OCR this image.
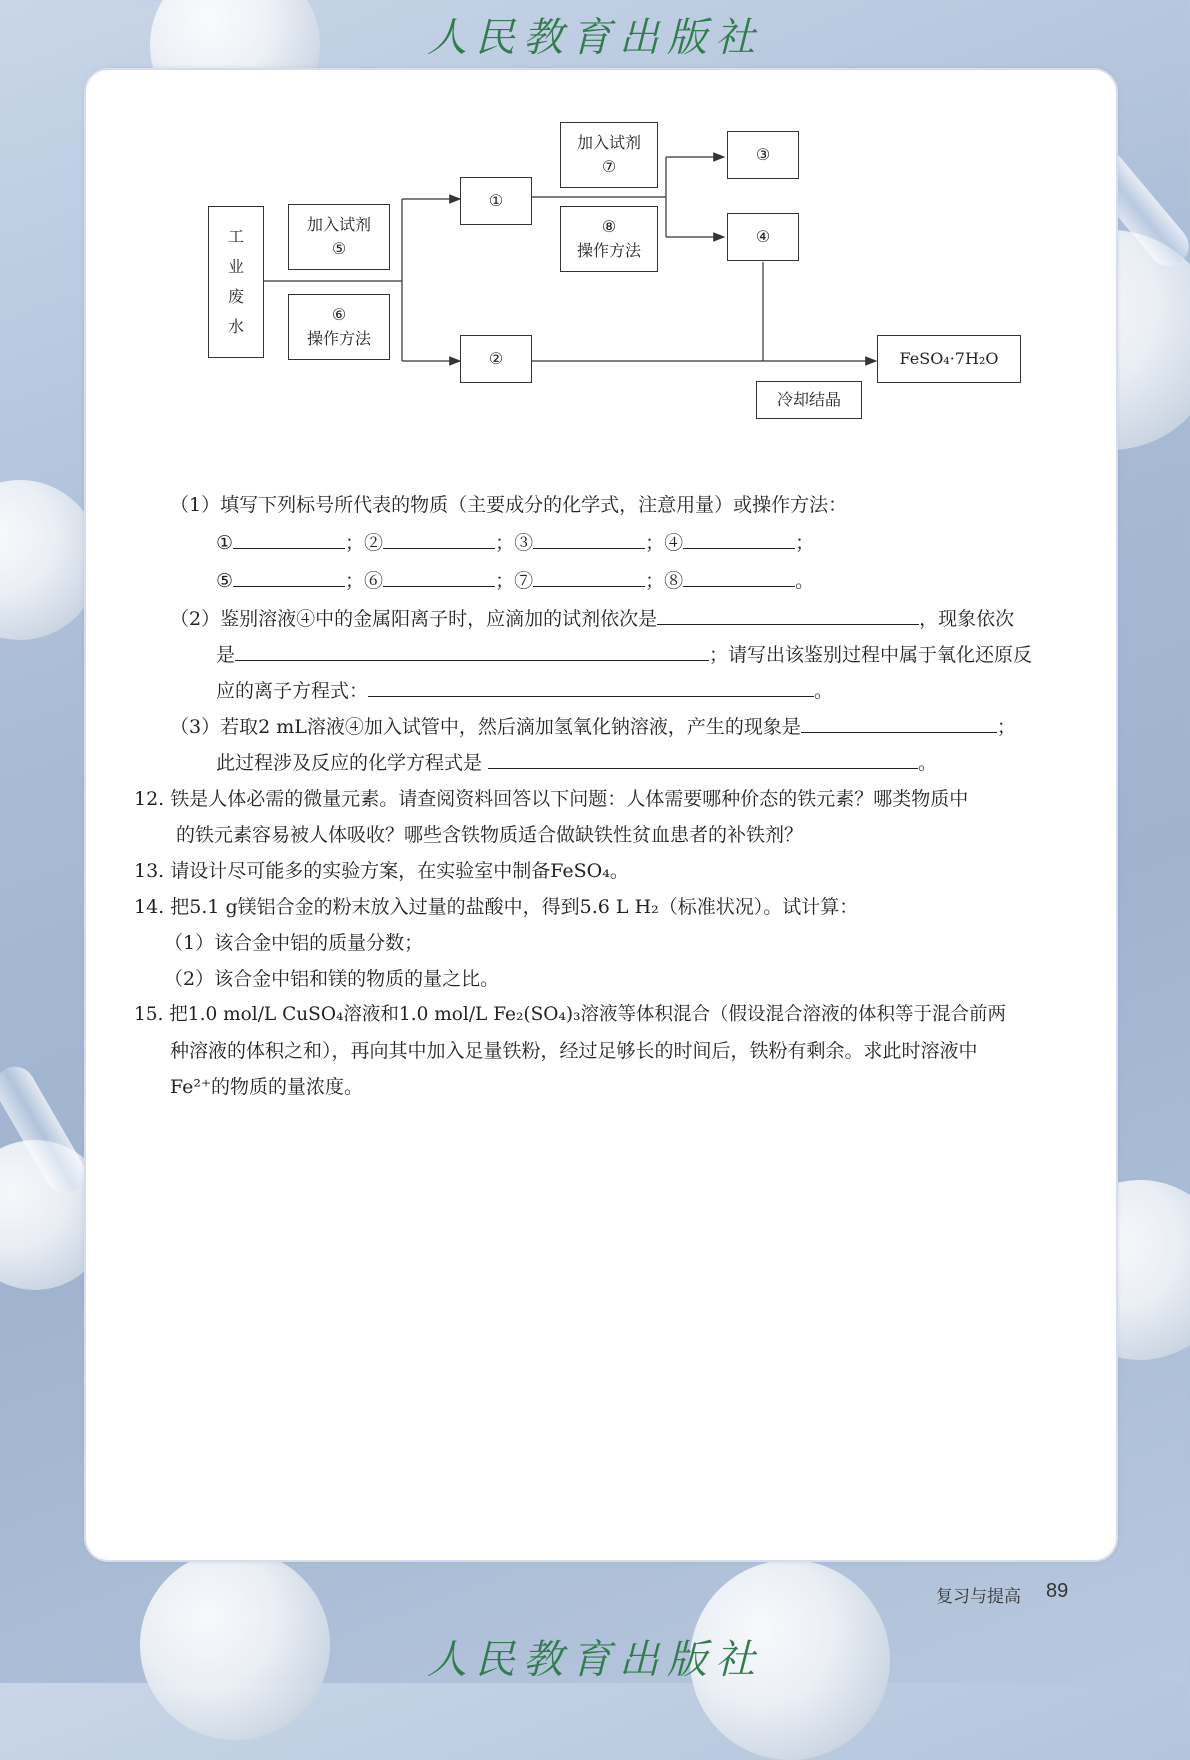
人民教育出版社
工
业
废
水
加入试剂
⑤
⑥
操作方法
①
②
加入试剂
⑦
⑧
操作方法
③
④
FeSO₄·7H₂O
冷却结晶
（1）填写下列标号所代表的物质（主要成分的化学式，注意用量）或操作方法：
①	；②	；③	；④	；
⑤	；⑥	；⑦	；⑧	。
（2）鉴别溶液④中的金属阳离子时，应滴加的试剂依次是	，现象依次
是	；请写出该鉴别过程中属于氧化还原反
应的离子方程式：	。
（3）若取2 mL溶液④加入试管中，然后滴加氢氧化钠溶液，产生的现象是	；
此过程涉及反应的化学方程式是	。
12. 铁是人体必需的微量元素。请查阅资料回答以下问题：人体需要哪种价态的铁元素？哪类物质中
的铁元素容易被人体吸收？哪些含铁物质适合做缺铁性贫血患者的补铁剂？
13. 请设计尽可能多的实验方案，在实验室中制备FeSO₄。
14. 把5.1 g镁铝合金的粉末放入过量的盐酸中，得到5.6 L H₂（标准状况）。试计算：
（1）该合金中铝的质量分数；
（2）该合金中铝和镁的物质的量之比。
15. 把1.0 mol/L CuSO₄溶液和1.0 mol/L Fe₂(SO₄)₃溶液等体积混合（假设混合溶液的体积等于混合前两
种溶液的体积之和），再向其中加入足量铁粉，经过足够长的时间后，铁粉有剩余。求此时溶液中
Fe²⁺的物质的量浓度。
复习与提高 89
人民教育出版社
